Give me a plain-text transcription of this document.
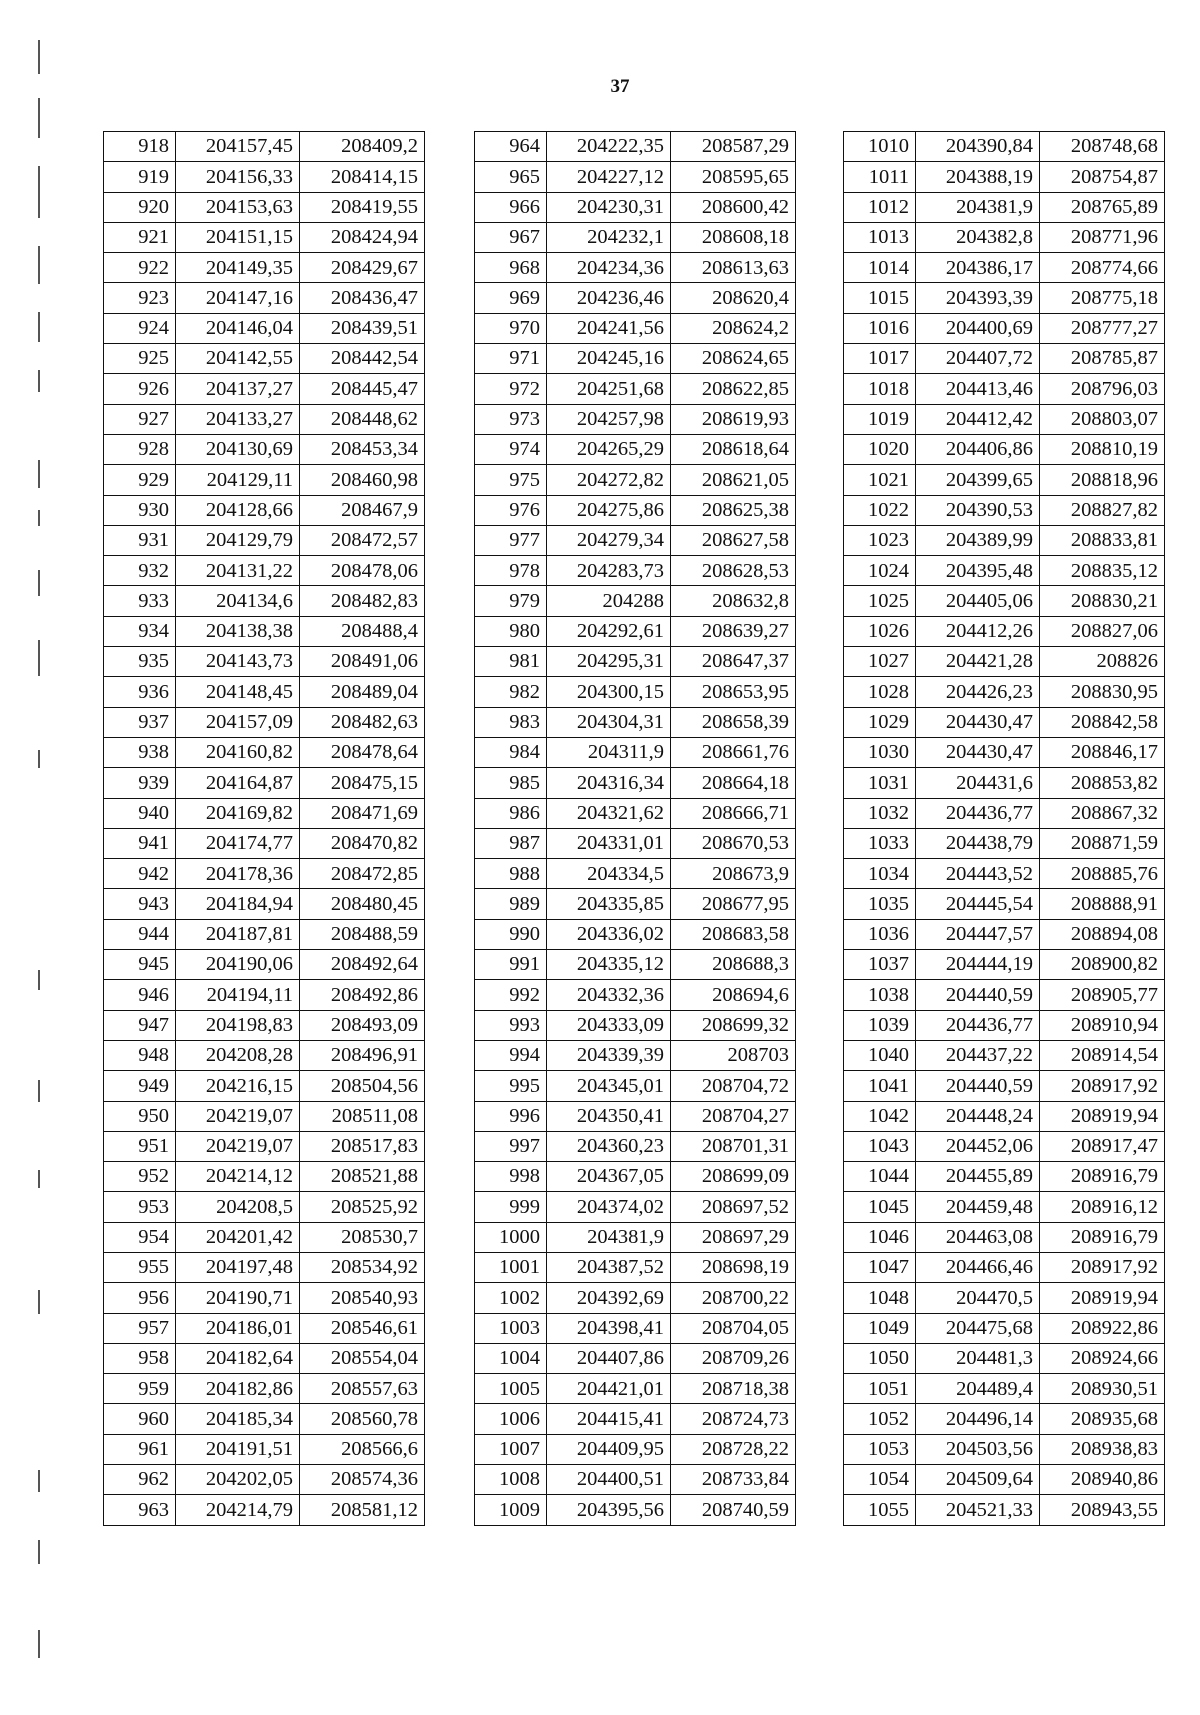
37
918	204157,45	208409,2
919	204156,33	208414,15
920	204153,63	208419,55
921	204151,15	208424,94
922	204149,35	208429,67
923	204147,16	208436,47
924	204146,04	208439,51
925	204142,55	208442,54
926	204137,27	208445,47
927	204133,27	208448,62
928	204130,69	208453,34
929	204129,11	208460,98
930	204128,66	208467,9
931	204129,79	208472,57
932	204131,22	208478,06
933	204134,6	208482,83
934	204138,38	208488,4
935	204143,73	208491,06
936	204148,45	208489,04
937	204157,09	208482,63
938	204160,82	208478,64
939	204164,87	208475,15
940	204169,82	208471,69
941	204174,77	208470,82
942	204178,36	208472,85
943	204184,94	208480,45
944	204187,81	208488,59
945	204190,06	208492,64
946	204194,11	208492,86
947	204198,83	208493,09
948	204208,28	208496,91
949	204216,15	208504,56
950	204219,07	208511,08
951	204219,07	208517,83
952	204214,12	208521,88
953	204208,5	208525,92
954	204201,42	208530,7
955	204197,48	208534,92
956	204190,71	208540,93
957	204186,01	208546,61
958	204182,64	208554,04
959	204182,86	208557,63
960	204185,34	208560,78
961	204191,51	208566,6
962	204202,05	208574,36
963	204214,79	208581,12
964	204222,35	208587,29
965	204227,12	208595,65
966	204230,31	208600,42
967	204232,1	208608,18
968	204234,36	208613,63
969	204236,46	208620,4
970	204241,56	208624,2
971	204245,16	208624,65
972	204251,68	208622,85
973	204257,98	208619,93
974	204265,29	208618,64
975	204272,82	208621,05
976	204275,86	208625,38
977	204279,34	208627,58
978	204283,73	208628,53
979	204288	208632,8
980	204292,61	208639,27
981	204295,31	208647,37
982	204300,15	208653,95
983	204304,31	208658,39
984	204311,9	208661,76
985	204316,34	208664,18
986	204321,62	208666,71
987	204331,01	208670,53
988	204334,5	208673,9
989	204335,85	208677,95
990	204336,02	208683,58
991	204335,12	208688,3
992	204332,36	208694,6
993	204333,09	208699,32
994	204339,39	208703
995	204345,01	208704,72
996	204350,41	208704,27
997	204360,23	208701,31
998	204367,05	208699,09
999	204374,02	208697,52
1000	204381,9	208697,29
1001	204387,52	208698,19
1002	204392,69	208700,22
1003	204398,41	208704,05
1004	204407,86	208709,26
1005	204421,01	208718,38
1006	204415,41	208724,73
1007	204409,95	208728,22
1008	204400,51	208733,84
1009	204395,56	208740,59
1010	204390,84	208748,68
1011	204388,19	208754,87
1012	204381,9	208765,89
1013	204382,8	208771,96
1014	204386,17	208774,66
1015	204393,39	208775,18
1016	204400,69	208777,27
1017	204407,72	208785,87
1018	204413,46	208796,03
1019	204412,42	208803,07
1020	204406,86	208810,19
1021	204399,65	208818,96
1022	204390,53	208827,82
1023	204389,99	208833,81
1024	204395,48	208835,12
1025	204405,06	208830,21
1026	204412,26	208827,06
1027	204421,28	208826
1028	204426,23	208830,95
1029	204430,47	208842,58
1030	204430,47	208846,17
1031	204431,6	208853,82
1032	204436,77	208867,32
1033	204438,79	208871,59
1034	204443,52	208885,76
1035	204445,54	208888,91
1036	204447,57	208894,08
1037	204444,19	208900,82
1038	204440,59	208905,77
1039	204436,77	208910,94
1040	204437,22	208914,54
1041	204440,59	208917,92
1042	204448,24	208919,94
1043	204452,06	208917,47
1044	204455,89	208916,79
1045	204459,48	208916,12
1046	204463,08	208916,79
1047	204466,46	208917,92
1048	204470,5	208919,94
1049	204475,68	208922,86
1050	204481,3	208924,66
1051	204489,4	208930,51
1052	204496,14	208935,68
1053	204503,56	208938,83
1054	204509,64	208940,86
1055	204521,33	208943,55
